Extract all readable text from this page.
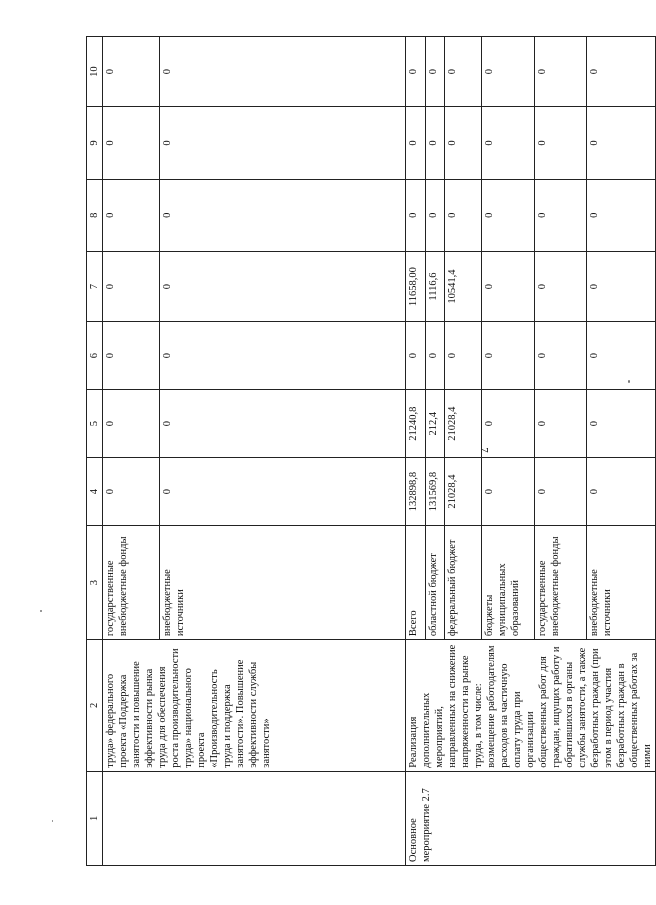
7
1	2	3	4	5	6	7	8	9	10
	труда» федерального проекта «Поддержка занятости и повышение эффективности рынка труда для обеспечения роста производительности труда» национального проекта «Производительность труда и поддержка занятости». Повышение эффективности службы занятости»	государственные внебюджетные фонды	0	0	0	0	0	0	0
		внебюджетные источники	0	0	0	0	0	0	0
Основное мероприятие 2.7	Реализация дополнительных мероприятий, направленных на снижение напряженности на рынке труда, в том числе: возмещение работодателям расходов на частичную оплату труда при организации общественных работ для граждан, ищущих работу и обратившихся в органы службы занятости, а также безработных граждан (при этом в период участия безработных граждан в общественных работах за ними	Всего	132898,8	21240,8	0	11658,00	0	0	0
		областной бюджет	131569,8	212,4	0	1116,6	0	0	0
		федеральный бюджет	21028,4	21028,4	0	10541,4	0	0	0
		бюджеты муниципальных образований	0	0	0	0	0	0	0
		государственные внебюджетные фонды	0	0	0	0	0	0	0
		внебюджетные источники	0	0	0	0	0	0	0
